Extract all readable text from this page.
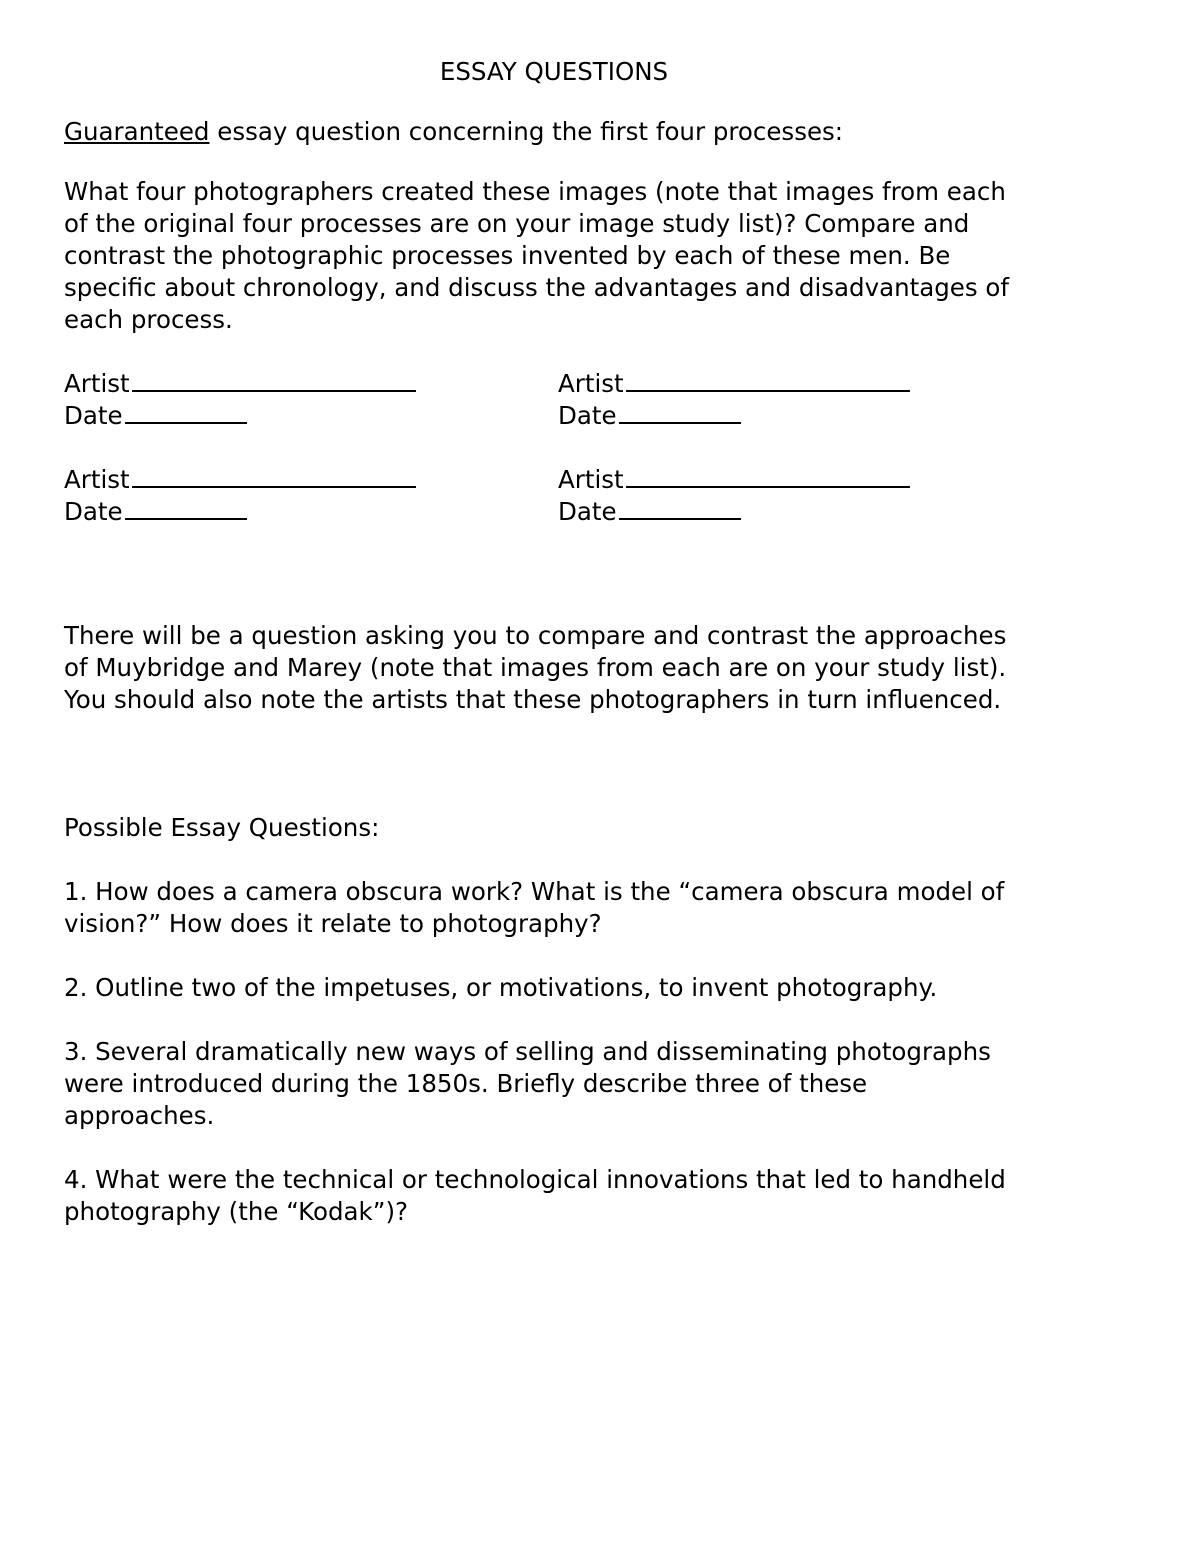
ESSAY QUESTIONS

Guaranteed essay question concerning the first four processes:

What four photographers created these images (note that images from each

of the original four processes are on your image study list)? Compare and

contrast the photographic processes invented by each of these men. Be

specific about chronology, and discuss the advantages and disadvantages of

each process.

Artist	Artist
Date	Date
Artist	Artist
Date	Date

There will be a question asking you to compare and contrast the approaches

of Muybridge and Marey (note that images from each are on your study list).

You should also note the artists that these photographers in turn influenced.

Possible Essay Questions:

1. How does a camera obscura work? What is the “camera obscura model of

vision?” How does it relate to photography?

2. Outline two of the impetuses, or motivations, to invent photography.

3. Several dramatically new ways of selling and disseminating photographs

were introduced during the 1850s. Briefly describe three of these

approaches.

4. What were the technical or technological innovations that led to handheld

photography (the “Kodak”)?
